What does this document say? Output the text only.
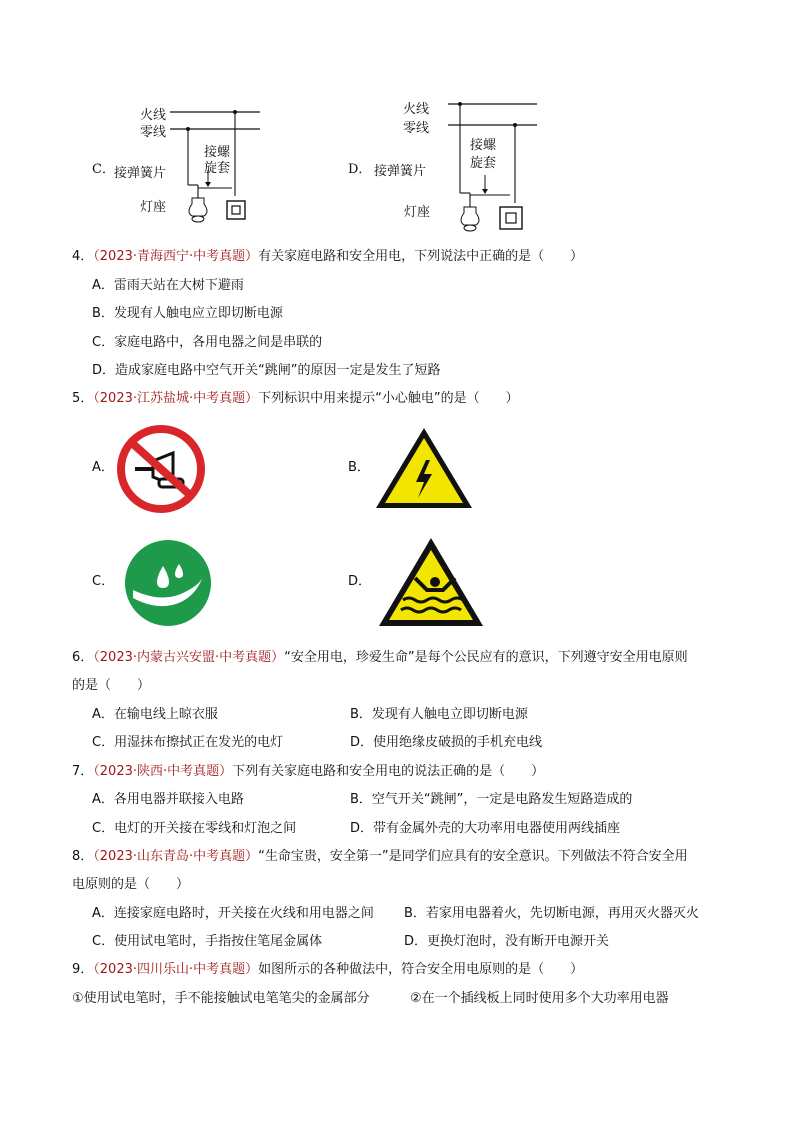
火线
零线
C． 接弹簧片
接螺
旋套
灯座
火线
零线
D． 接弹簧片
接螺
旋套
灯座
4．（2023·青海西宁·中考真题）有关家庭电路和安全用电，下列说法中正确的是（　　）
A．雷雨天站在大树下避雨
B．发现有人触电应立即切断电源
C．家庭电路中，各用电器之间是串联的
D．造成家庭电路中空气开关“跳闸”的原因一定是发生了短路
5．（2023·江苏盐城·中考真题）下列标识中用来提示“小心触电”的是（　　）
A．	B．
C．	D．
6．（2023·内蒙古兴安盟·中考真题）“安全用电，珍爱生命”是每个公民应有的意识，下列遵守安全用电原则
的是（　　）
A．在输电线上晾衣服	B．发现有人触电立即切断电源
C．用湿抹布擦拭正在发光的电灯	D．使用绝缘皮破损的手机充电线
7．（2023·陕西·中考真题）下列有关家庭电路和安全用电的说法正确的是（　　）
A．各用电器并联接入电路	B．空气开关“跳闸”，一定是电路发生短路造成的
C．电灯的开关接在零线和灯泡之间	D．带有金属外壳的大功率用电器使用两线插座
8．（2023·山东青岛·中考真题）“生命宝贵，安全第一”是同学们应具有的安全意识。下列做法不符合安全用
电原则的是（　　）
A．连接家庭电路时，开关接在火线和用电器之间 B．若家用电器着火，先切断电源，再用灭火器灭火
C．使用试电笔时，手指按住笔尾金属体	D．更换灯泡时，没有断开电源开关
9．（2023·四川乐山·中考真题）如图所示的各种做法中，符合安全用电原则的是（　　）
①使用试电笔时，手不能接触试电笔笔尖的金属部分	②在一个插线板上同时使用多个大功率用电器
